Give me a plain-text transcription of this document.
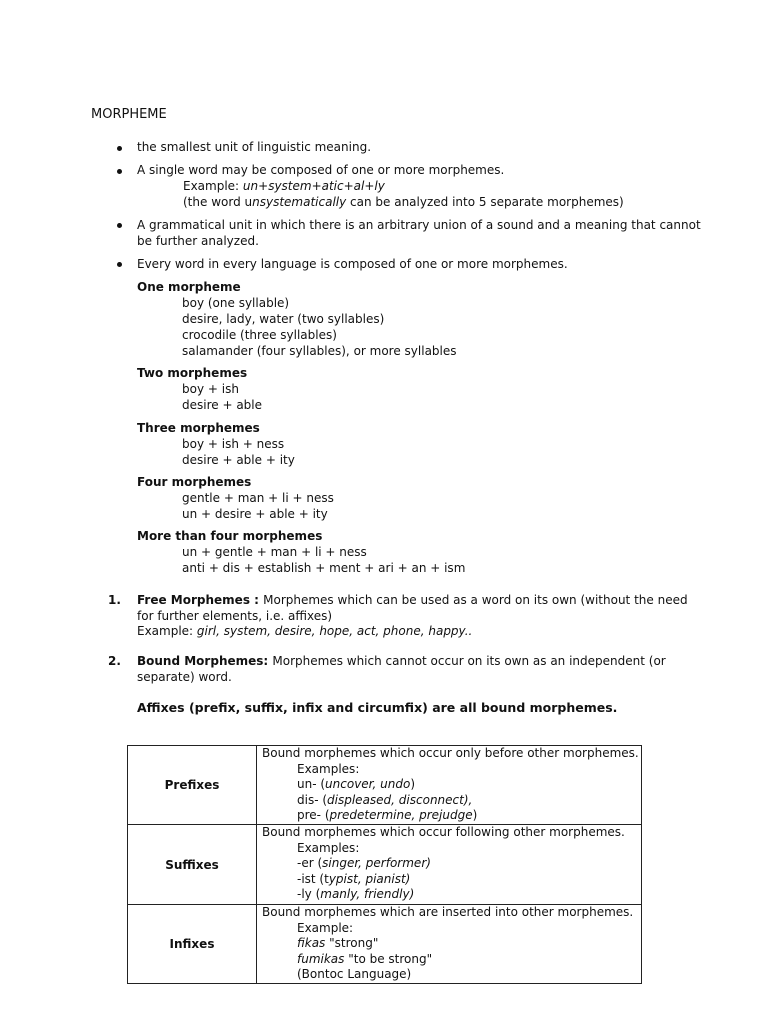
MORPHEME
the smallest unit of linguistic meaning.
A single word may be composed of one or more morphemes.
Example: un+system+atic+al+ly
(the word unsystematically can be analyzed into 5 separate morphemes)
A grammatical unit in which there is an arbitrary union of a sound and a meaning that cannot
be further analyzed.
Every word in every language is composed of one or more morphemes.
One morpheme
boy (one syllable)
desire, lady, water (two syllables)
crocodile (three syllables)
salamander (four syllables), or more syllables
Two morphemes
boy + ish
desire + able
Three morphemes
boy + ish + ness
desire + able + ity
Four morphemes
gentle + man + li + ness
un + desire + able + ity
More than four morphemes
un + gentle + man + li + ness
anti + dis + establish + ment + ari + an + ism
1. Free Morphemes : Morphemes which can be used as a word on its own (without the need
for further elements, i.e. affixes)
Example: girl, system, desire, hope, act, phone, happy..
2. Bound Morphemes: Morphemes which cannot occur on its own as an independent (or
separate) word.
Affixes (prefix, suffix, infix and circumfix) are all bound morphemes.
Prefixes	Bound morphemes which occur only before other morphemes.
Examples:
un- (uncover, undo)
dis- (displeased, disconnect),
pre- (predetermine, prejudge)

Suffixes	Bound morphemes which occur following other morphemes.
Examples:
-er (singer, performer)
-ist (typist, pianist)
-ly (manly, friendly)

Infixes	Bound morphemes which are inserted into other morphemes.
Example:
fikas "strong"
fumikas "to be strong"
(Bontoc Language)
